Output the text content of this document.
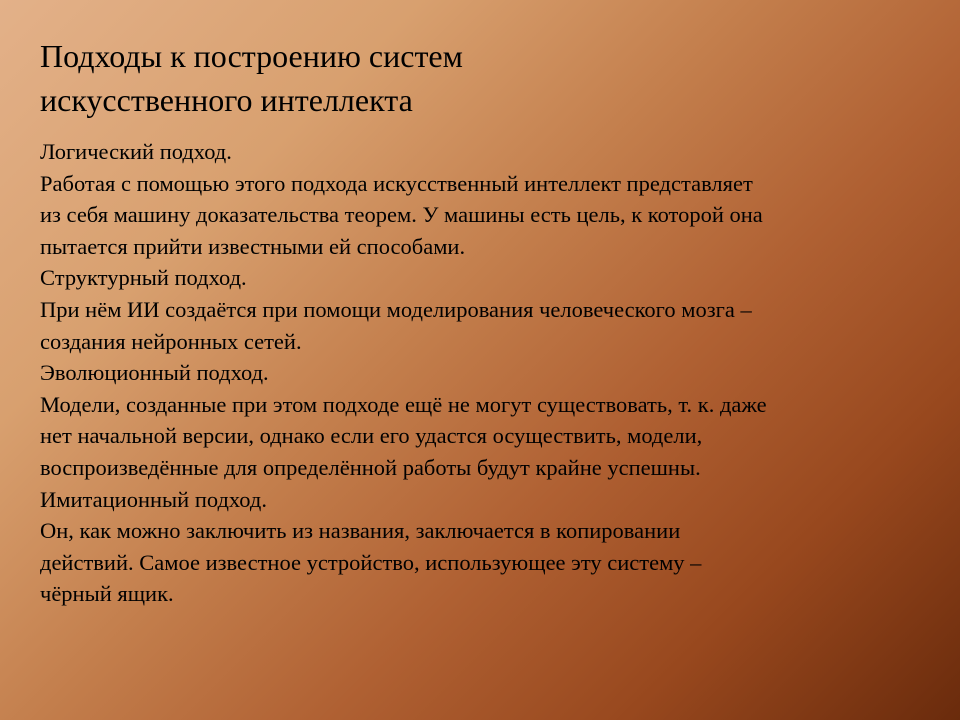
Подходы к построению систем
искусственного интеллекта
Логический подход.
Работая с помощью этого подхода искусственный интеллект представляет
из себя машину доказательства теорем. У машины есть цель, к которой она
пытается прийти известными ей способами.
Структурный подход.
При нём ИИ создаётся при помощи моделирования человеческого мозга –
создания нейронных сетей.
Эволюционный подход.
Модели, созданные при этом подходе ещё не могут существовать, т. к. даже
нет начальной версии, однако если его удастся осуществить, модели,
воспроизведённые для определённой работы будут крайне успешны.
Имитационный подход.
Он, как можно заключить из названия, заключается в копировании
действий. Самое известное устройство, использующее эту систему –
чёрный ящик.
